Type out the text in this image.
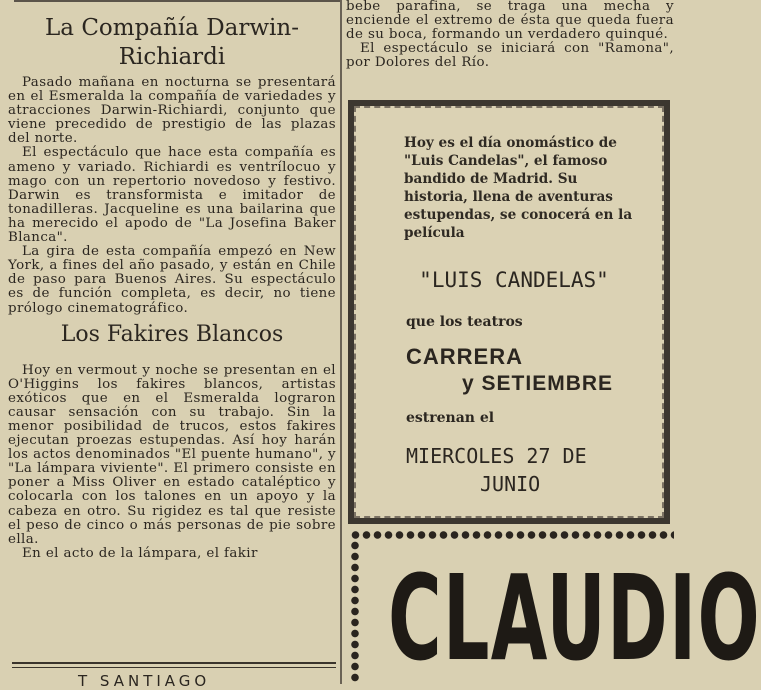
La Compañía Darwin-Richiardi

Pasado mañana en nocturna se presentará en el Esmeralda la compañía de variedades y atracciones Darwin-Richiardi, conjunto que viene precedido de prestigio de las plazas del norte.

El espectáculo que hace esta compañía es ameno y variado. Richiardi es ventrílocuo y mago con un repertorio novedoso y festivo. Darwin es transformista e imitador de tonadilleras. Jacqueline es una bailarina que ha merecido el apodo de "La Josefina Baker Blanca".

La gira de esta compañía empezó en New York, a fines del año pasado, y están en Chile de paso para Buenos Aires. Su espectáculo es de función completa, es decir, no tiene prólogo cinematográfico.

Los Fakires Blancos

Hoy en vermout y noche se presentan en el O'Higgins los fakires blancos, artistas exóticos que en el Esmeralda lograron causar sensación con su trabajo. Sin la menor posibilidad de trucos, estos fakires ejecutan proezas estupendas. Así hoy harán los actos denominados "El puente humano", y "La lámpara viviente". El primero consiste en poner a Miss Oliver en estado cataléptico y colocarla con los talones en un apoyo y la cabeza en otro. Su rigidez es tal que resiste el peso de cinco o más personas de pie sobre ella.

En el acto de la lámpara, el fakir

T SANTIAGO

bebe parafina, se traga una mecha y enciende el extremo de ésta que queda fuera de su boca, formando un verdadero quinqué.

El espectáculo se iniciará con "Ramona", por Dolores del Río.

Hoy es el día onomástico de "Luis Candelas", el famoso bandido de Madrid. Su historia, llena de aventuras estupendas, se conocerá en la película
"LUIS CANDELAS"
que los teatros
CARRERA
y SETIEMBRE
estrenan el
MIERCOLES 27 DE
JUNIO
CLAUDIO
